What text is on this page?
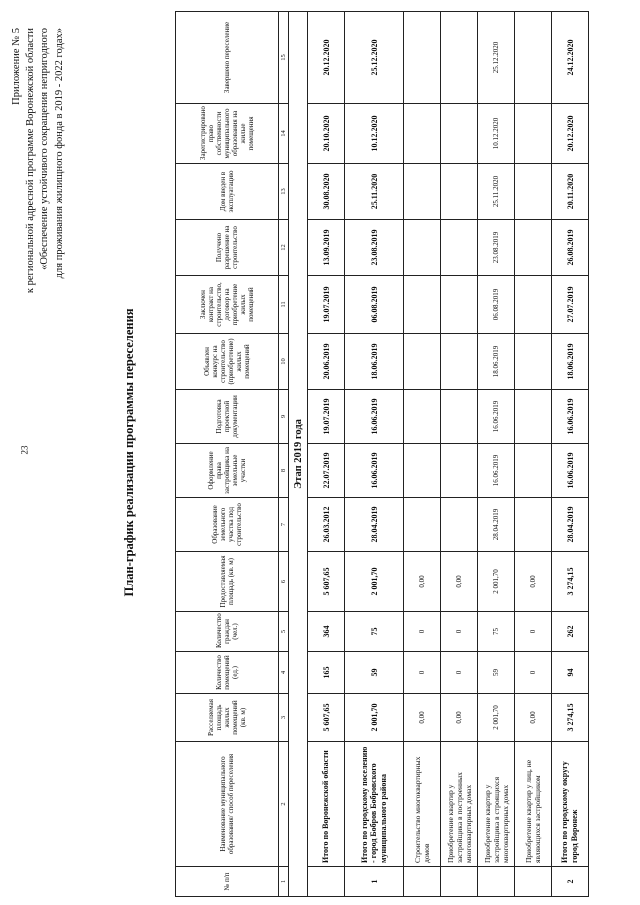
23
Приложение № 5 к региональной адресной программе Воронежской области «Обеспечение устойчивого сокращения непригодного для проживания жилищного фонда в 2019 - 2022 годах»
План-график реализации программы переселения
№ п/п	Наименование муниципального образования/ способ переселения	Расселяемая площадь жилых помещений (кв. м)	Количество помещений (ед.)	Количество граждан (чел.)	Предоставляемая площадь (кв. м)	Образование земельного участка под строительство	Оформление права застройщика на земельные участки	Подготовка проектной документации	Объявлен конкурс на строительство (приобретение) жилых помещений	Заключен контракт на строительство, договор на приобретение жилых помещений	Получено разрешение на строительство	Дом введен в эксплуатацию	Зарегистрировано право собственности муниципального образования на жилые помещения	Завершено переселение
1	2	3	4	5	6	7	8	9	10	11	12	13	14	15
Этап 2019 года														
	Итого по Воронежской области	5 607,65	165	364	5 607,65	26.03.2012	22.07.2019	19.07.2019	20.06.2019	19.07.2019	13.09.2019	30.08.2020	20.10.2020	20.12.2020
1	Итого по городскому поселению - город Бобров Бобровского муниципального района	2 001,70	59	75	2 001,70	28.04.2019	16.06.2019	16.06.2019	18.06.2019	06.08.2019	23.08.2019	25.11.2020	10.12.2020	25.12.2020
	Строительство многоквартирных домов	0,00	0	0	0,00									
	Приобретение квартир у застройщика в построенных многоквартирных домах	0,00	0	0	0,00									
	Приобретение квартир у застройщика в строящихся многоквартирных домах	2 001,70	59	75	2 001,70	28.04.2019	16.06.2019	16.06.2019	18.06.2019	06.08.2019	23.08.2019	25.11.2020	10.12.2020	25.12.2020
	Приобретение квартир у лиц, не являющихся застройщиком	0,00	0	0	0,00									
2	Итого по городскому округу город Воронеж	3 274,15	94	262	3 274,15	28.04.2019	16.06.2019	16.06.2019	18.06.2019	27.07.2019	26.08.2019	20.11.2020	20.12.2020	24.12.2020
